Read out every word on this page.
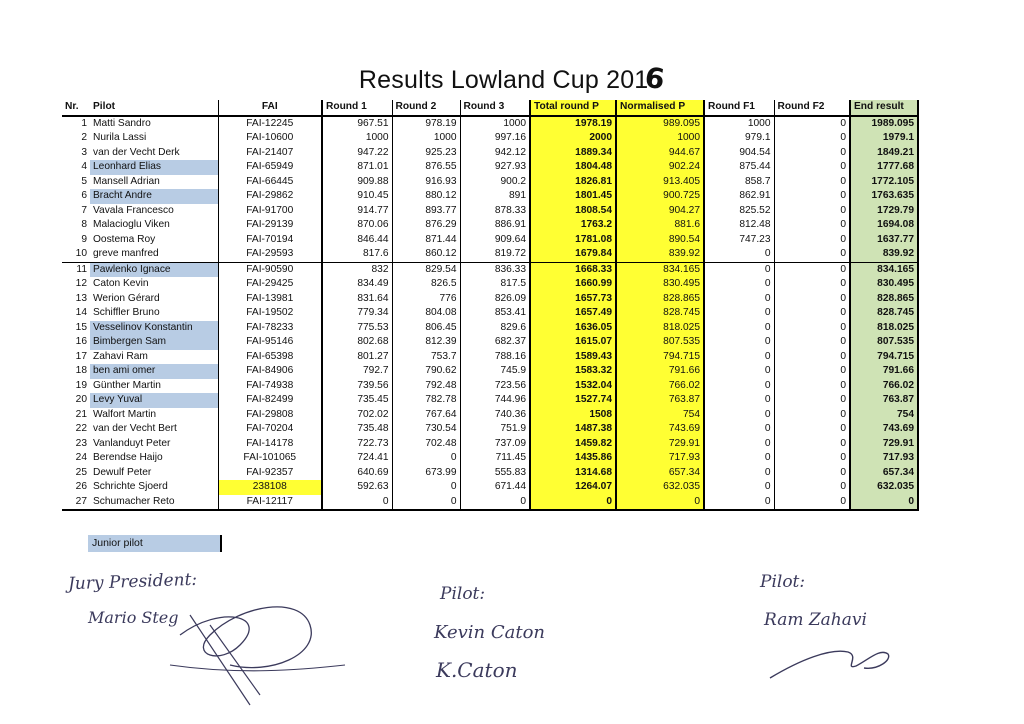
Results Lowland Cup 2016
Nr.	Pilot	FAI	Round 1	Round 2	Round 3	Total round P	Normalised P	Round F1	Round F2	End result
1	Matti Sandro	FAI-12245	967.51	978.19	1000	1978.19	989.095	1000	0	1989.095
2	Nurila Lassi	FAI-10600	1000	1000	997.16	2000	1000	979.1	0	1979.1
3	van der Vecht Derk	FAI-21407	947.22	925.23	942.12	1889.34	944.67	904.54	0	1849.21
4	Leonhard Elias	FAI-65949	871.01	876.55	927.93	1804.48	902.24	875.44	0	1777.68
5	Mansell Adrian	FAI-66445	909.88	916.93	900.2	1826.81	913.405	858.7	0	1772.105
6	Bracht Andre	FAI-29862	910.45	880.12	891	1801.45	900.725	862.91	0	1763.635
7	Vavala Francesco	FAI-91700	914.77	893.77	878.33	1808.54	904.27	825.52	0	1729.79
8	Malacioglu Viken	FAI-29139	870.06	876.29	886.91	1763.2	881.6	812.48	0	1694.08
9	Oostema Roy	FAI-70194	846.44	871.44	909.64	1781.08	890.54	747.23	0	1637.77
10	greve manfred	FAI-29593	817.6	860.12	819.72	1679.84	839.92	0	0	839.92
11	Pawlenko Ignace	FAI-90590	832	829.54	836.33	1668.33	834.165	0	0	834.165
12	Caton Kevin	FAI-29425	834.49	826.5	817.5	1660.99	830.495	0	0	830.495
13	Werion Gérard	FAI-13981	831.64	776	826.09	1657.73	828.865	0	0	828.865
14	Schiffler Bruno	FAI-19502	779.34	804.08	853.41	1657.49	828.745	0	0	828.745
15	Vesselinov Konstantin	FAI-78233	775.53	806.45	829.6	1636.05	818.025	0	0	818.025
16	Bimbergen Sam	FAI-95146	802.68	812.39	682.37	1615.07	807.535	0	0	807.535
17	Zahavi Ram	FAI-65398	801.27	753.7	788.16	1589.43	794.715	0	0	794.715
18	ben ami omer	FAI-84906	792.7	790.62	745.9	1583.32	791.66	0	0	791.66
19	Günther Martin	FAI-74938	739.56	792.48	723.56	1532.04	766.02	0	0	766.02
20	Levy Yuval	FAI-82499	735.45	782.78	744.96	1527.74	763.87	0	0	763.87
21	Walfort Martin	FAI-29808	702.02	767.64	740.36	1508	754	0	0	754
22	van der Vecht Bert	FAI-70204	735.48	730.54	751.9	1487.38	743.69	0	0	743.69
23	Vanlanduyt Peter	FAI-14178	722.73	702.48	737.09	1459.82	729.91	0	0	729.91
24	Berendse Haijo	FAI-101065	724.41	0	711.45	1435.86	717.93	0	0	717.93
25	Dewulf Peter	FAI-92357	640.69	673.99	555.83	1314.68	657.34	0	0	657.34
26	Schrichte Sjoerd	238108	592.63	0	671.44	1264.07	632.035	0	0	632.035
27	Schumacher Reto	FAI-12117	0	0	0	0	0	0	0	0
Junior pilot
Jury President:
Mario Steg
Pilot:
Kevin Caton
K.Caton
Pilot:
Ram Zahavi
